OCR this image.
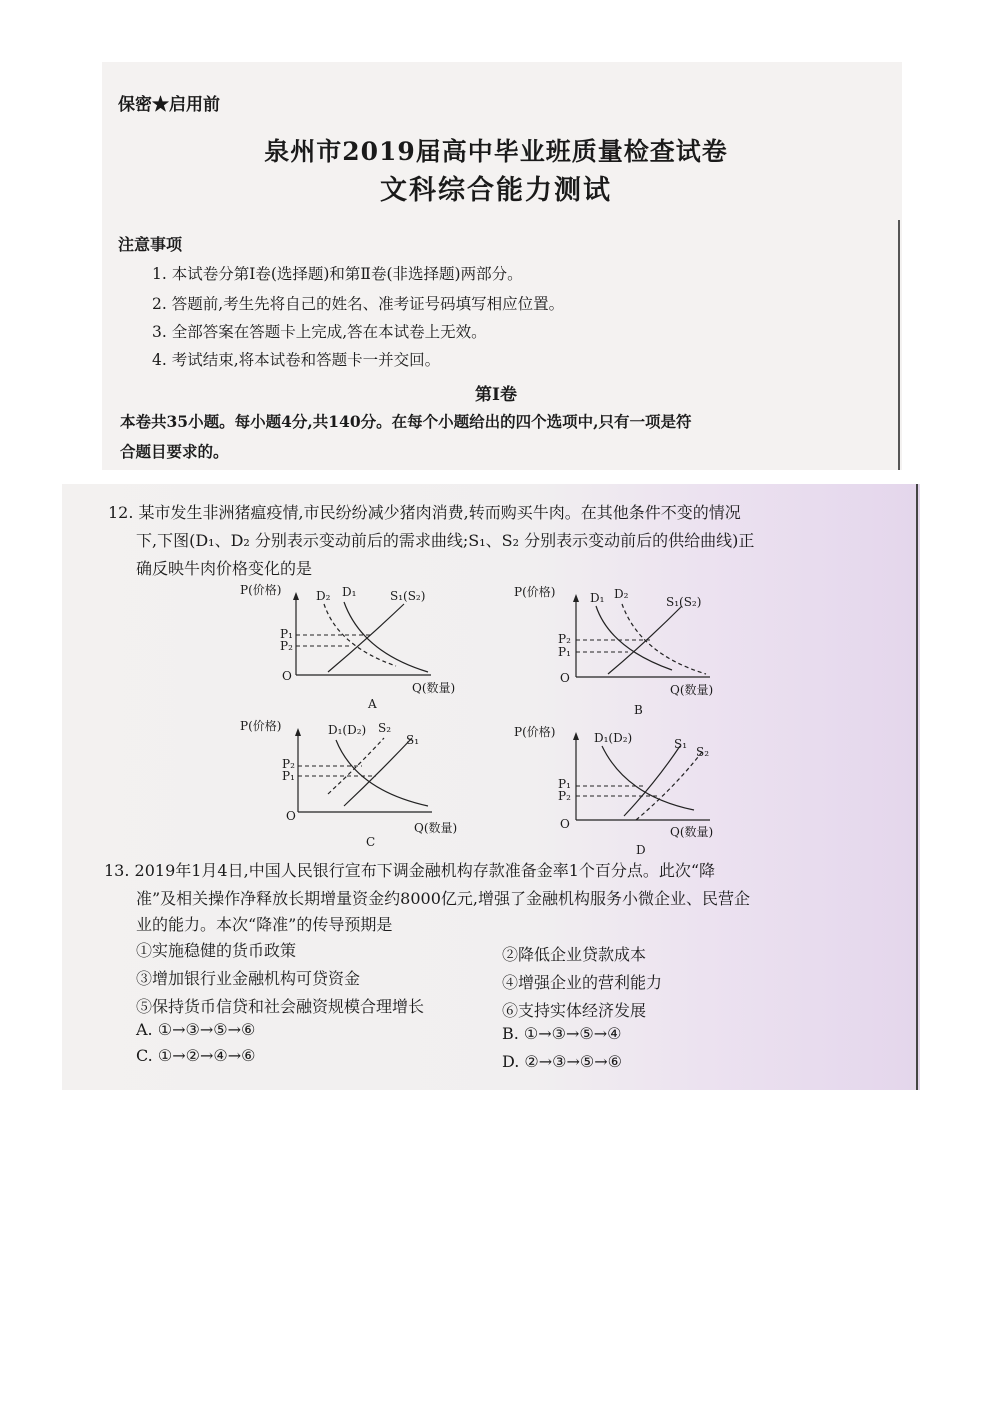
保密★启用前
泉州市2019届高中毕业班质量检查试卷
文科综合能力测试
注意事项
1. 本试卷分第Ⅰ卷(选择题)和第Ⅱ卷(非选择题)两部分。
2. 答题前,考生先将自己的姓名、准考证号码填写相应位置。
3. 全部答案在答题卡上完成,答在本试卷上无效。
4. 考试结束,将本试卷和答题卡一并交回。
第Ⅰ卷
本卷共35小题。每小题4分,共140分。在每个小题给出的四个选项中,只有一项是符
合题目要求的。
12. 某市发生非洲猪瘟疫情,市民纷纷减少猪肉消费,转而购买牛肉。在其他条件不变的情况
下,下图(D₁、D₂ 分别表示变动前后的需求曲线;S₁、S₂ 分别表示变动前后的供给曲线)正
确反映牛肉价格变化的是
P(价格)
O
Q(数量)
D₂ D₁	S₁(S₂)
P₁
P₂
A
P(价格)
O
Q(数量)
D₁ D₂
S₁(S₂)
P₂
P₁
B
P(价格)
O
Q(数量)
D₁(D₂) S₂
S₁
P₂
P₁
C
P(价格)
O
Q(数量)
D₁(D₂)	S₁
S₂
P₁
P₂
D
13. 2019年1月4日,中国人民银行宣布下调金融机构存款准备金率1个百分点。此次“降
准”及相关操作净释放长期增量资金约8000亿元,增强了金融机构服务小微企业、民营企
业的能力。本次“降准”的传导预期是
①实施稳健的货币政策	②降低企业贷款成本
③增加银行业金融机构可贷资金	④增强企业的营利能力
⑤保持货币信贷和社会融资规模合理增长	⑥支持实体经济发展
A. ①→③→⑤→⑥	B. ①→③→⑤→④
C. ①→②→④→⑥	D. ②→③→⑤→⑥
